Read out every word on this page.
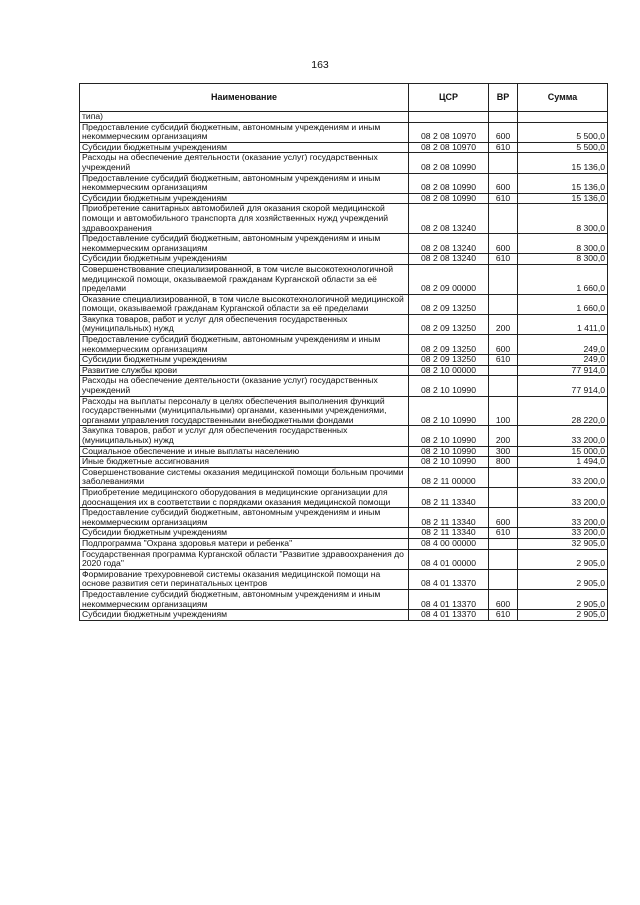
163
Наименование	ЦСР	ВР	Сумма
типа)			
Предоставление субсидий бюджетным, автономным учреждениям и иным некоммерческим организациям	08 2 08 10970	600	5 500,0
Субсидии бюджетным учреждениям	08 2 08 10970	610	5 500,0
Расходы на обеспечение деятельности (оказание услуг) государственных учреждений	08 2 08 10990		15 136,0
Предоставление субсидий бюджетным, автономным учреждениям и иным некоммерческим организациям	08 2 08 10990	600	15 136,0
Субсидии бюджетным учреждениям	08 2 08 10990	610	15 136,0
Приобретение санитарных автомобилей для оказания скорой медицинской помощи и автомобильного транспорта для хозяйственных нужд учреждений здравоохранения	08 2 08 13240		8 300,0
Предоставление субсидий бюджетным, автономным учреждениям и иным некоммерческим организациям	08 2 08 13240	600	8 300,0
Субсидии бюджетным учреждениям	08 2 08 13240	610	8 300,0
Совершенствование специализированной, в том числе высокотехнологичной медицинской помощи, оказываемой гражданам Курганской области за её пределами	08 2 09 00000		1 660,0
Оказание специализированной, в том числе высокотехнологичной медицинской помощи, оказываемой гражданам Курганской области за её пределами	08 2 09 13250		1 660,0
Закупка товаров, работ и услуг для обеспечения государственных (муниципальных) нужд	08 2 09 13250	200	1 411,0
Предоставление субсидий бюджетным, автономным учреждениям и иным некоммерческим организациям	08 2 09 13250	600	249,0
Субсидии бюджетным учреждениям	08 2 09 13250	610	249,0
Развитие службы крови	08 2 10 00000		77 914,0
Расходы на обеспечение деятельности (оказание услуг) государственных учреждений	08 2 10 10990		77 914,0
Расходы на выплаты персоналу в целях обеспечения выполнения функций государственными (муниципальными) органами, казенными учреждениями, органами управления государственными внебюджетными фондами	08 2 10 10990	100	28 220,0
Закупка товаров, работ и услуг для обеспечения государственных (муниципальных) нужд	08 2 10 10990	200	33 200,0
Социальное обеспечение и иные выплаты населению	08 2 10 10990	300	15 000,0
Иные бюджетные ассигнования	08 2 10 10990	800	1 494,0
Совершенствование системы оказания медицинской помощи больным прочими заболеваниями	08 2 11 00000		33 200,0
Приобретение медицинского оборудования в медицинские организации для дооснащения их в соответствии с порядками оказания медицинской помощи	08 2 11 13340		33 200,0
Предоставление субсидий бюджетным, автономным учреждениям и иным некоммерческим организациям	08 2 11 13340	600	33 200,0
Субсидии бюджетным учреждениям	08 2 11 13340	610	33 200,0
Подпрограмма "Охрана здоровья матери и ребенка"	08 4 00 00000		32 905,0
Государственная программа Курганской области "Развитие здравоохранения до 2020 года"	08 4 01 00000		2 905,0
Формирование трехуровневой системы оказания медицинской помощи на основе развития сети перинатальных центров	08 4 01 13370		2 905,0
Предоставление субсидий бюджетным, автономным учреждениям и иным некоммерческим организациям	08 4 01 13370	600	2 905,0
Субсидии бюджетным учреждениям	08 4 01 13370	610	2 905,0
